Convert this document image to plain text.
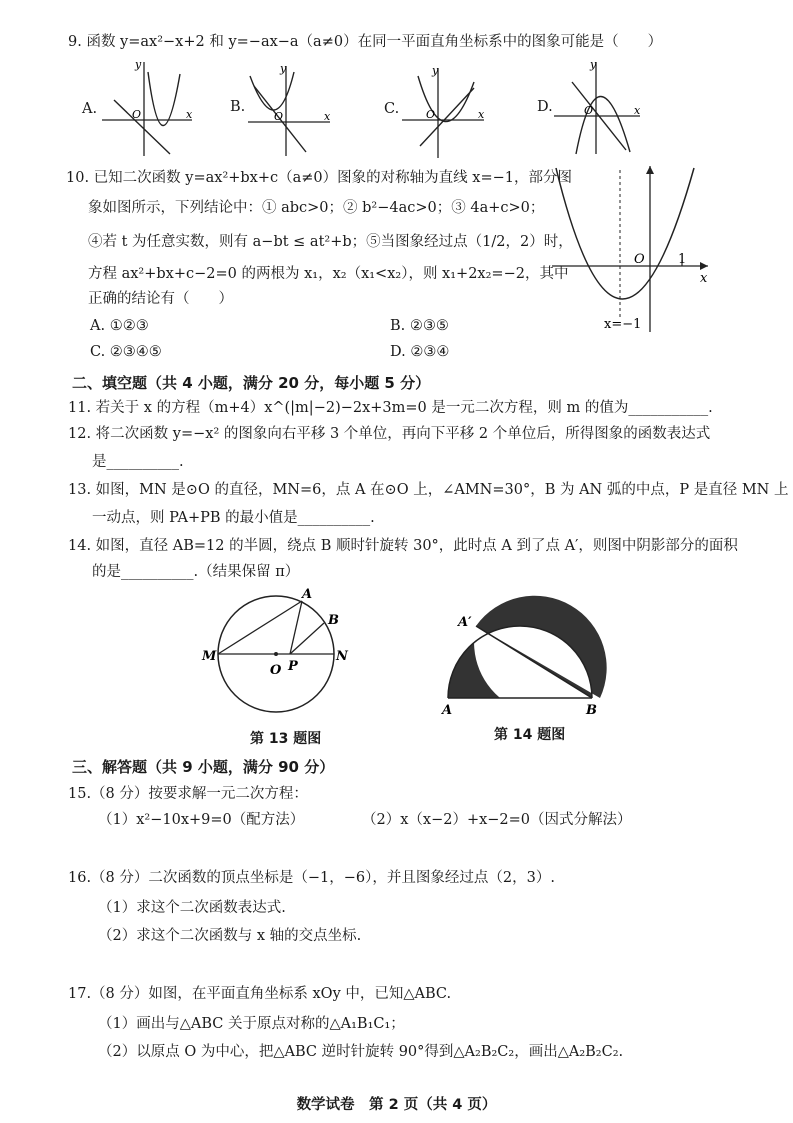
9. 函数 y=ax²−x+2 和 y=−ax−a（a≠0）在同一平面直角坐标系中的图象可能是（　　）
A.	O	x
y
B.
O	x
y
C. O	x
y
D.	O	x
y
10. 已知二次函数 y=ax²+bx+c（a≠0）图象的对称轴为直线 x=−1，部分图
象如图所示，下列结论中：① abc>0；② b²−4ac>0；③ 4a+c>0；
④若 t 为任意实数，则有 a−bt ≤ at²+b；⑤当图象经过点（1/2，2）时，
方程 ax²+bx+c−2=0 的两根为 x₁，x₂（x₁<x₂），则 x₁+2x₂=−2，其中
正确的结论有（　　）
A. ①②③	B. ②③⑤
C. ②③④⑤	D. ②③④
O	1
x
x=−1
二、填空题（共 4 小题，满分 20 分，每小题 5 分）
11. 若关于 x 的方程（m+4）x^(|m|−2)−2x+3m=0 是一元二次方程，则 m 的值为___________.
12. 将二次函数 y=−x² 的图象向右平移 3 个单位，再向下平移 2 个单位后，所得图象的函数表达式
是__________.
13. 如图，MN 是⊙O 的直径，MN=6，点 A 在⊙O 上，∠AMN=30°，B 为 AN 弧的中点，P 是直径 MN 上
一动点，则 PA+PB 的最小值是__________.
14. 如图，直径 AB=12 的半圆，绕点 B 顺时针旋转 30°，此时点 A 到了点 A′，则图中阴影部分的面积
的是__________.（结果保留 π）
M	N
O P
A
B
第 13 题图
A	B
A′
第 14 题图
三、解答题（共 9 小题，满分 90 分）
15.（8 分）按要求解一元二次方程：
（1）x²−10x+9=0（配方法）	（2）x（x−2）+x−2=0（因式分解法）
16.（8 分）二次函数的顶点坐标是（−1，−6），并且图象经过点（2，3）.
（1）求这个二次函数表达式.
（2）求这个二次函数与 x 轴的交点坐标.
17.（8 分）如图，在平面直角坐标系 xOy 中，已知△ABC.
（1）画出与△ABC 关于原点对称的△A₁B₁C₁；
（2）以原点 O 为中心，把△ABC 逆时针旋转 90°得到△A₂B₂C₂，画出△A₂B₂C₂.
数学试卷　第 2 页（共 4 页）
